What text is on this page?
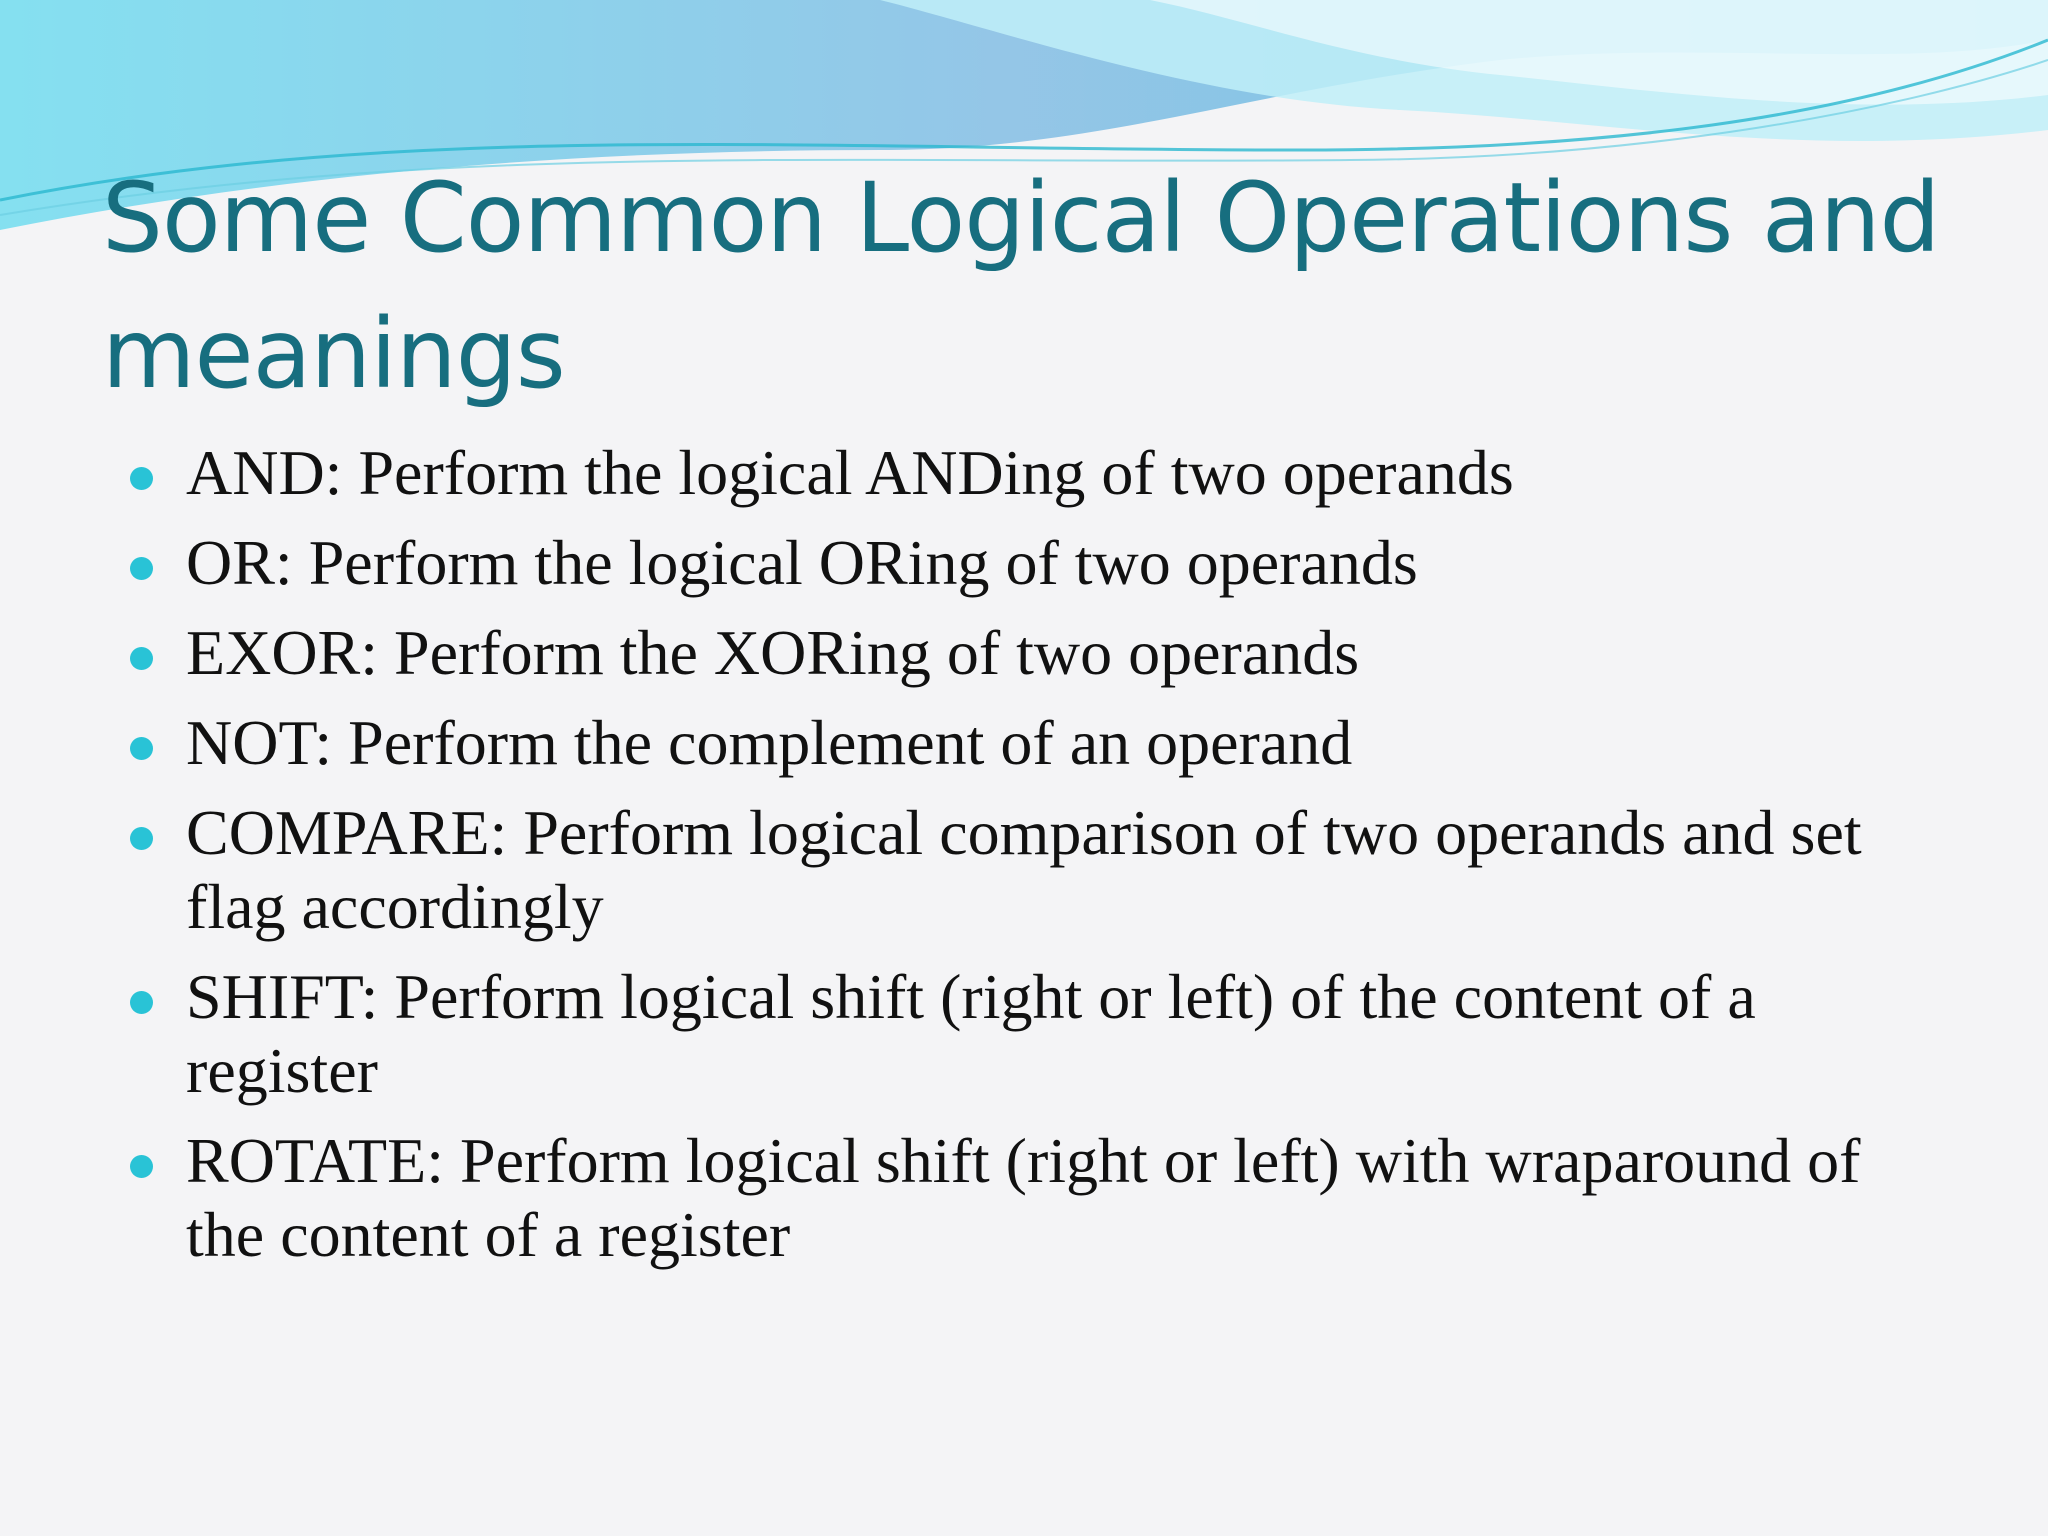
Some Common Logical Operations and meanings
AND: Perform the logical ANDing of two operands
OR: Perform the logical ORing of two operands
EXOR: Perform the XORing of two operands
NOT: Perform the complement of an operand
COMPARE: Perform logical comparison of two operands and set flag accordingly
SHIFT: Perform logical shift (right or left) of the content of a register
ROTATE: Perform logical shift (right or left) with wraparound of the content of a register
